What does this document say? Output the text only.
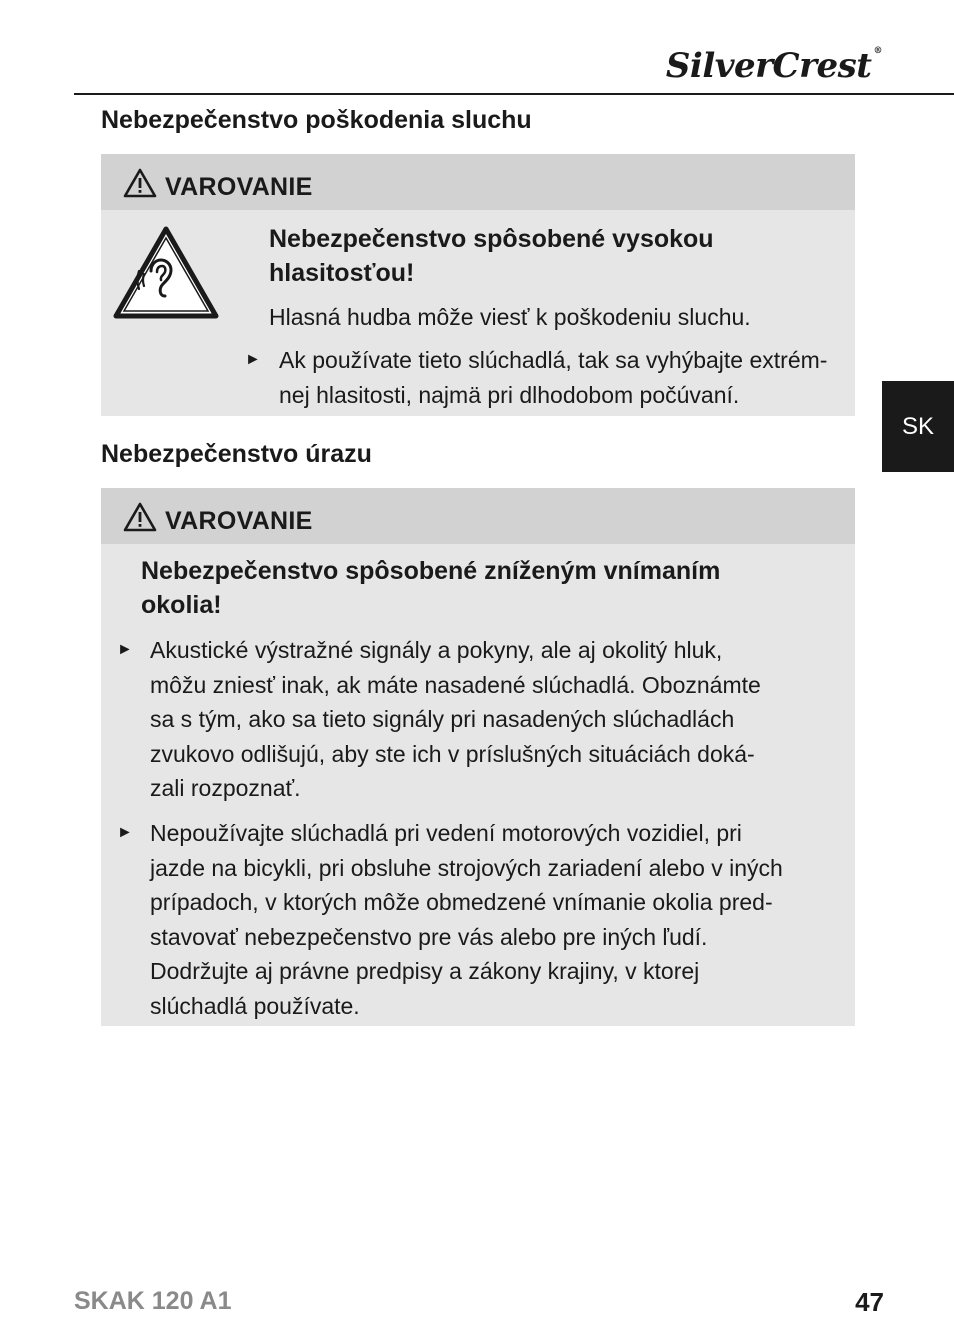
SilverCrest ®
SK
Nebezpečenstvo poškodenia sluchu
VAROVANIE
Nebezpečenstvo spôsobené vysokou
hlasitosťou!

Hlasná hudba môže viesť k poškodeniu sluchu.

► Ak používate tieto slúchadlá, tak sa vyhýbajte extrém-
nej hlasitosti, najmä pri dlhodobom počúvaní.
Nebezpečenstvo úrazu
VAROVANIE
Nebezpečenstvo spôsobené zníženým vnímaním
okolia!
► Akustické výstražné signály a pokyny, ale aj okolitý hluk,
môžu zniesť inak, ak máte nasadené slúchadlá. Oboznámte
sa s tým, ako sa tieto signály pri nasadených slúchadlách
zvukovo odlišujú, aby ste ich v príslušných situáciách doká-
zali rozpoznať.
► Nepoužívajte slúchadlá pri vedení motorových vozidiel, pri
jazde na bicykli, pri obsluhe strojových zariadení alebo v iných
prípadoch, v ktorých môže obmedzené vnímanie okolia pred-
stavovať nebezpečenstvo pre vás alebo pre iných ľudí.
Dodržujte aj právne predpisy a zákony krajiny, v ktorej
slúchadlá používate.
SKAK 120 A1	47
